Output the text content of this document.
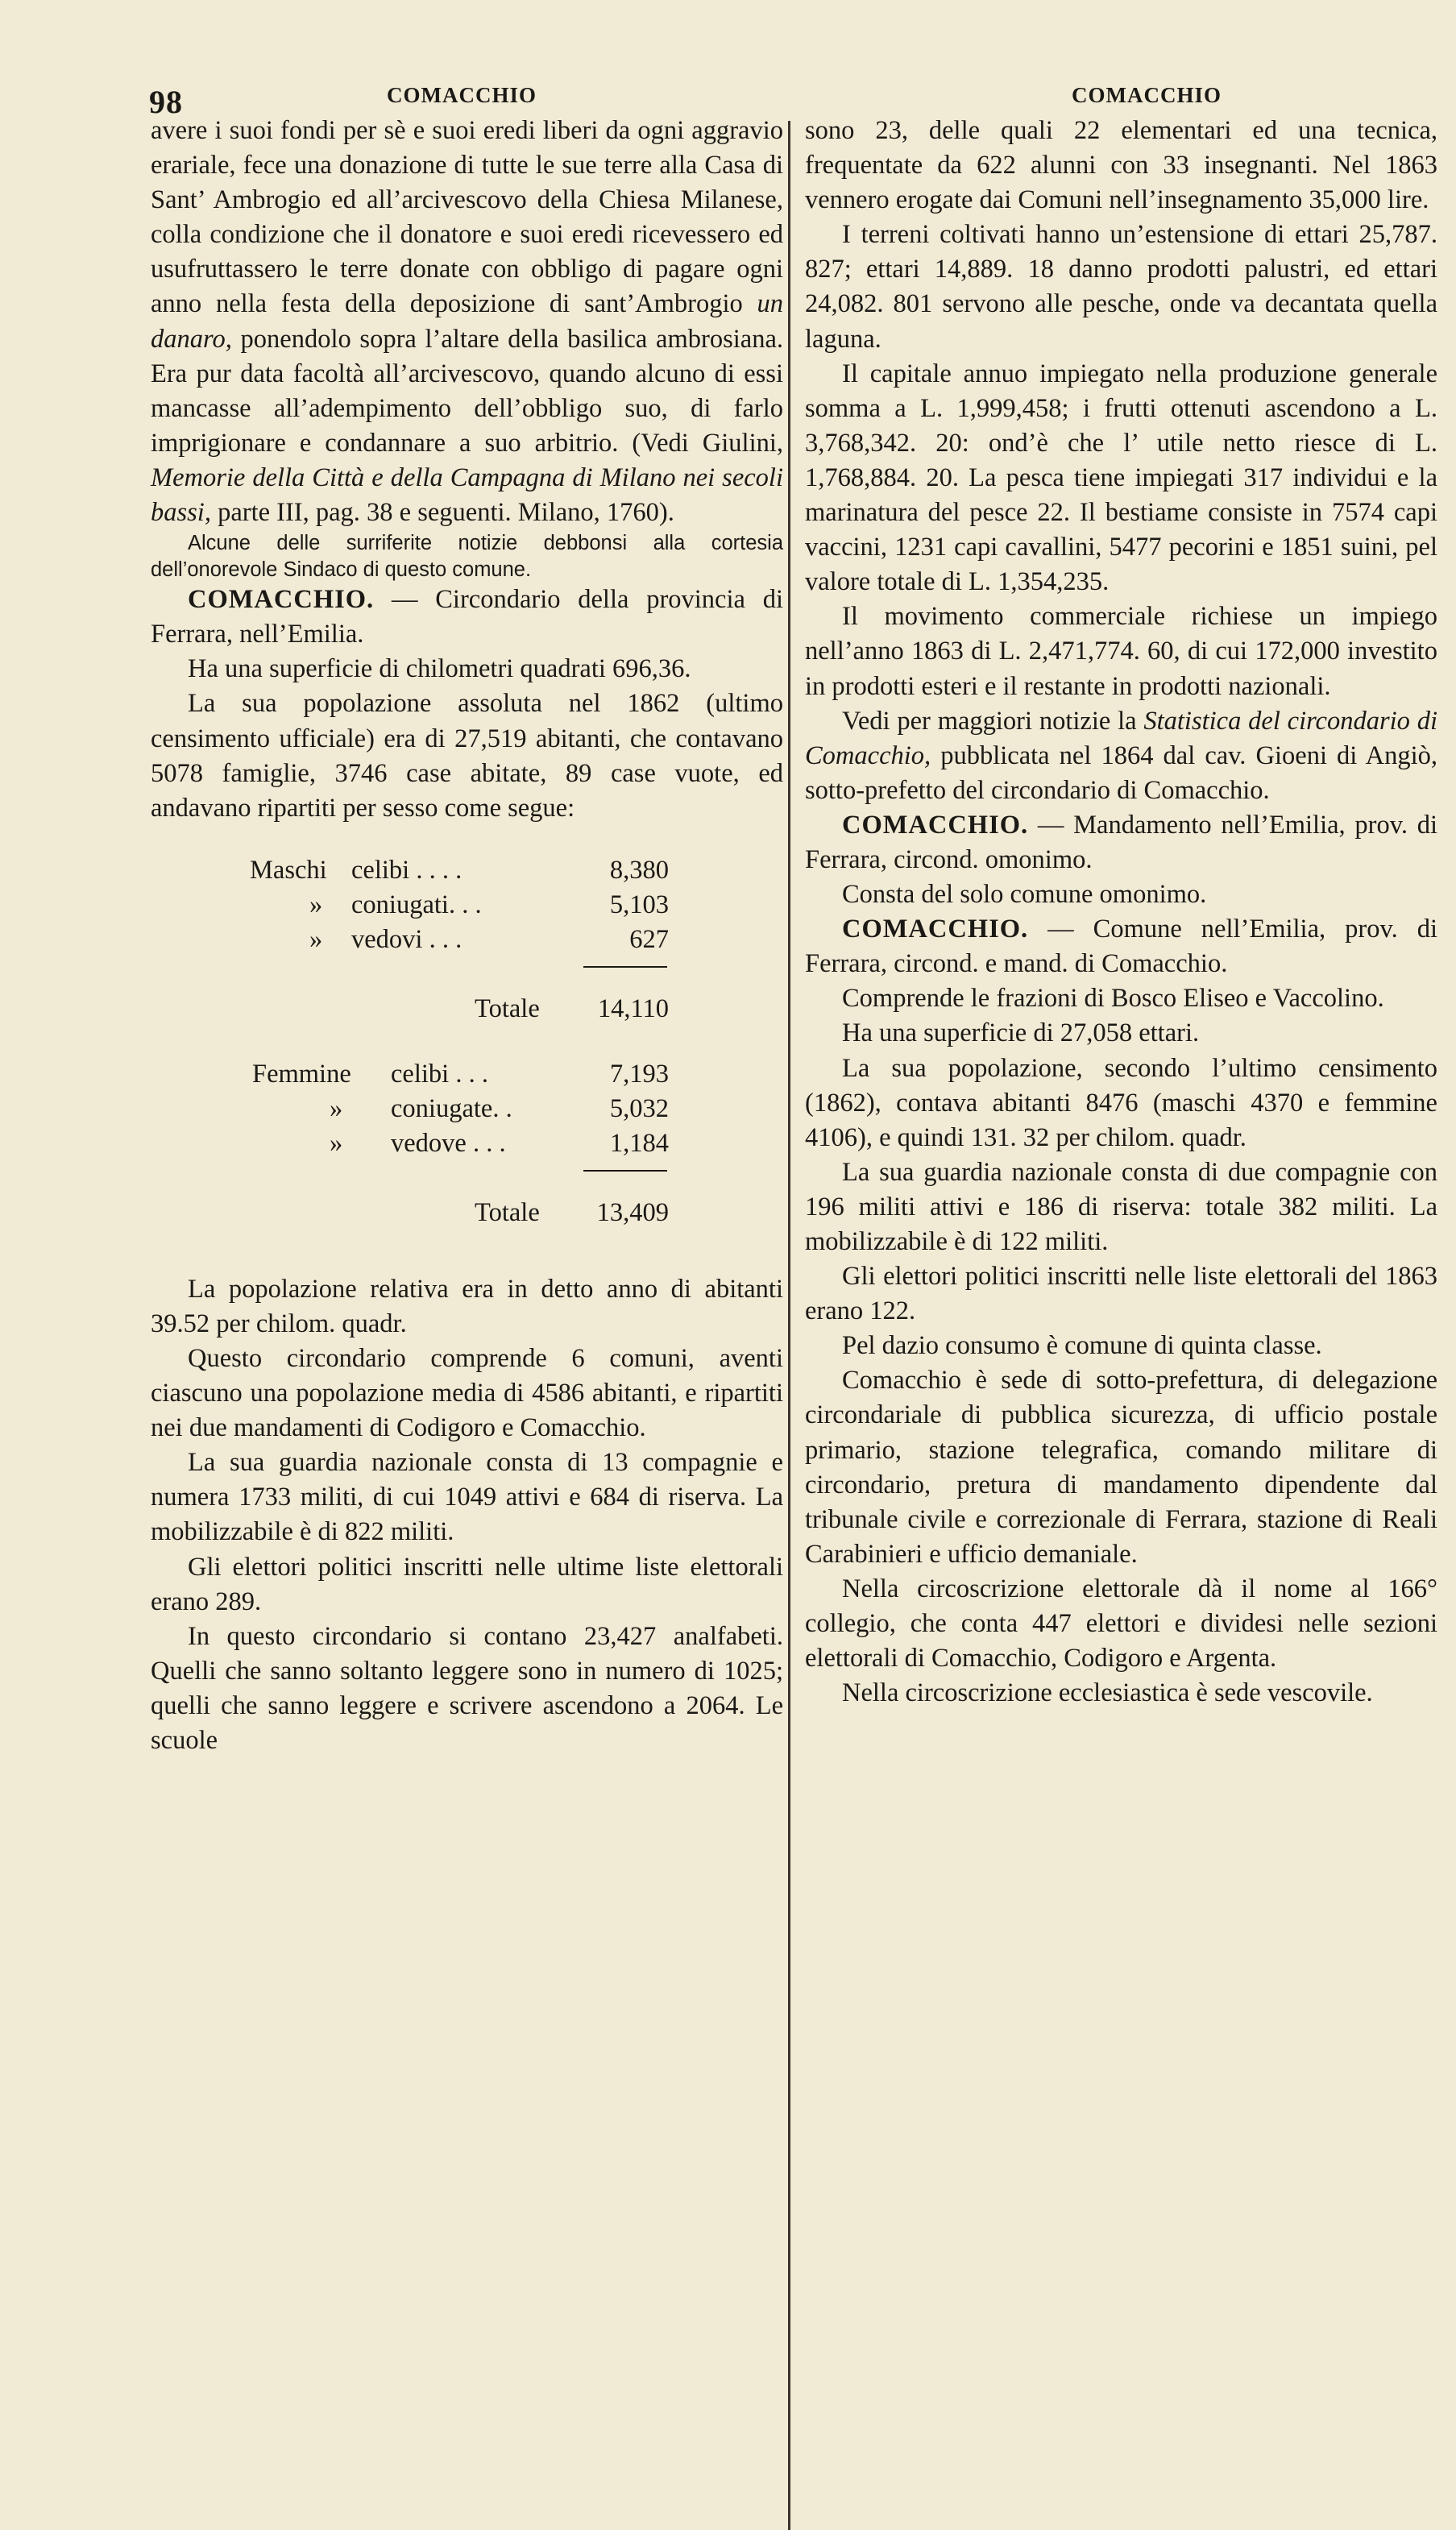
98	COMACCHIO	COMACCHIO

avere i suoi fondi per sè e suoi eredi liberi da ogni aggravio erariale, fece una donazione di tutte le sue terre alla Casa di Sant’ Ambrogio ed all’arcivescovo della Chiesa Milanese, colla condizione che il donatore e suoi eredi ricevessero ed usufruttassero le terre donate con obbligo di pagare ogni anno nella festa della deposizione di sant’Ambrogio un danaro, ponendolo sopra l’altare della basilica ambrosiana. Era pur data facoltà all’arcivescovo, quando alcuno di essi mancasse all’adempimento dell’obbligo suo, di farlo imprigionare e condannare a suo arbitrio. (Vedi Giulini, Memorie della Città e della Campagna di Milano nei secoli bassi, parte III, pag. 38 e seguenti. Milano, 1760).

Alcune delle surriferite notizie debbonsi alla cortesia dell’onorevole Sindaco di questo comune.

COMACCHIO. — Circondario della provincia di Ferrara, nell’Emilia.

Ha una superficie di chilometri quadrati 696,36.

La sua popolazione assoluta nel 1862 (ultimo censimento ufficiale) era di 27,519 abitanti, che contavano 5078 famiglie, 3746 case abitate, 89 case vuote, ed andavano ripartiti per sesso come segue:

Maschi celibi . . . .	8,380
» coniugati. . .	5,103
» vedovi . . .	627
Totale 14,110
Femmine celibi . . .	7,193
» coniugate. .	5,032
» vedove . . .	1,184
Totale 13,409

La popolazione relativa era in detto anno di abitanti 39.52 per chilom. quadr.

Questo circondario comprende 6 comuni, aventi ciascuno una popolazione media di 4586 abitanti, e ripartiti nei due mandamenti di Codigoro e Comacchio.

La sua guardia nazionale consta di 13 compagnie e numera 1733 militi, di cui 1049 attivi e 684 di riserva. La mobilizzabile è di 822 militi.

Gli elettori politici inscritti nelle ultime liste elettorali erano 289.

In questo circondario si contano 23,427 analfabeti. Quelli che sanno soltanto leggere sono in numero di 1025; quelli che sanno leggere e scrivere ascendono a 2064. Le scuole

sono 23, delle quali 22 elementari ed una tecnica, frequentate da 622 alunni con 33 insegnanti. Nel 1863 vennero erogate dai Comuni nell’insegnamento 35,000 lire.

I terreni coltivati hanno un’estensione di ettari 25,787. 827; ettari 14,889. 18 danno prodotti palustri, ed ettari 24,082. 801 servono alle pesche, onde va decantata quella laguna.

Il capitale annuo impiegato nella produzione generale somma a L. 1,999,458; i frutti ottenuti ascendono a L. 3,768,342. 20: ond’è che l’ utile netto riesce di L. 1,768,884. 20. La pesca tiene impiegati 317 individui e la marinatura del pesce 22. Il bestiame consiste in 7574 capi vaccini, 1231 capi cavallini, 5477 pecorini e 1851 suini, pel valore totale di L. 1,354,235.

Il movimento commerciale richiese un impiego nell’anno 1863 di L. 2,471,774. 60, di cui 172,000 investito in prodotti esteri e il restante in prodotti nazionali.

Vedi per maggiori notizie la Statistica del circondario di Comacchio, pubblicata nel 1864 dal cav. Gioeni di Angiò, sotto-prefetto del circondario di Comacchio.

COMACCHIO. — Mandamento nell’Emilia, prov. di Ferrara, circond. omonimo.

Consta del solo comune omonimo.

COMACCHIO. — Comune nell’Emilia, prov. di Ferrara, circond. e mand. di Comacchio.

Comprende le frazioni di Bosco Eliseo e Vaccolino.

Ha una superficie di 27,058 ettari.

La sua popolazione, secondo l’ultimo censimento (1862), contava abitanti 8476 (maschi 4370 e femmine 4106), e quindi 131. 32 per chilom. quadr.

La sua guardia nazionale consta di due compagnie con 196 militi attivi e 186 di riserva: totale 382 militi. La mobilizzabile è di 122 militi.

Gli elettori politici inscritti nelle liste elettorali del 1863 erano 122.

Pel dazio consumo è comune di quinta classe.

Comacchio è sede di sotto-prefettura, di delegazione circondariale di pubblica sicurezza, di ufficio postale primario, stazione telegrafica, comando militare di circondario, pretura di mandamento dipendente dal tribunale civile e correzionale di Ferrara, stazione di Reali Carabinieri e ufficio demaniale.

Nella circoscrizione elettorale dà il nome al 166° collegio, che conta 447 elettori e dividesi nelle sezioni elettorali di Comacchio, Codigoro e Argenta.

Nella circoscrizione ecclesiastica è sede vescovile.
